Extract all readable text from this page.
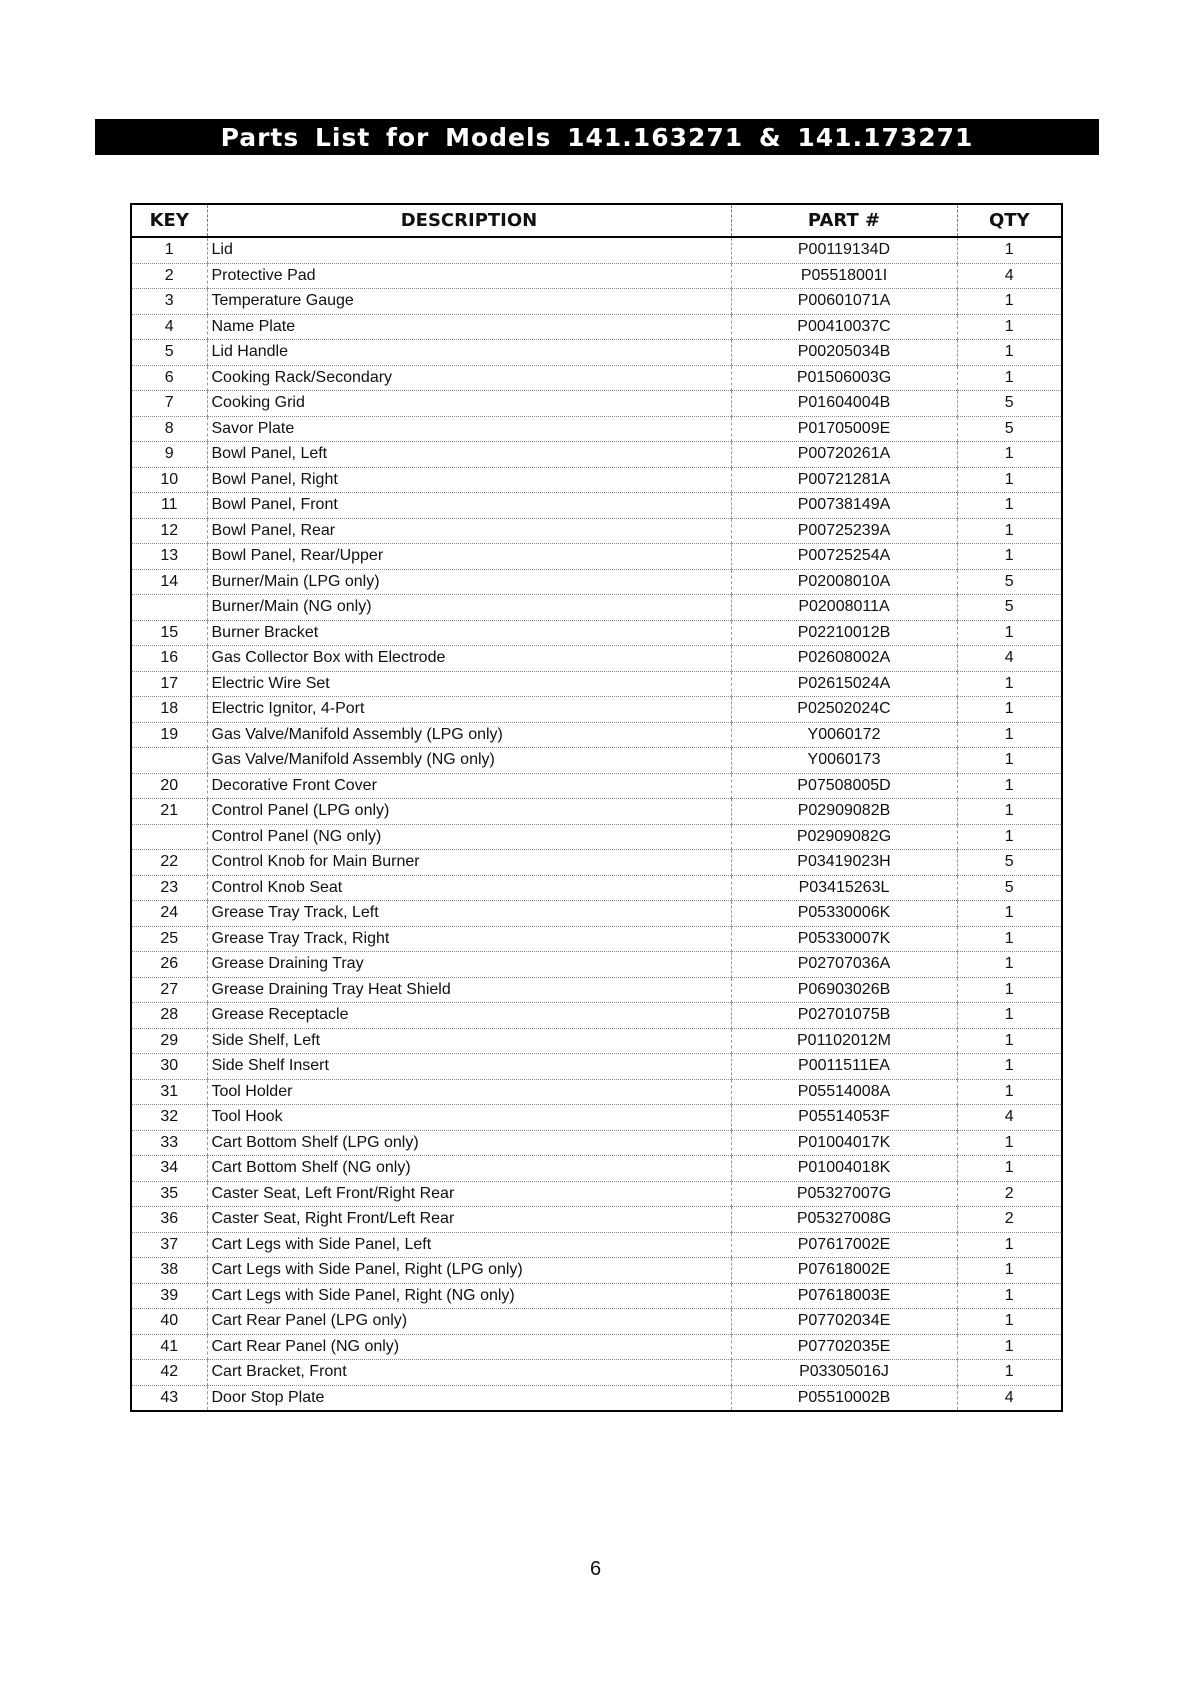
Parts List for Models 141.163271 & 141.173271
KEY	DESCRIPTION	PART #	QTY
1	Lid	P00119134D	1
2	Protective Pad	P05518001I	4
3	Temperature Gauge	P00601071A	1
4	Name Plate	P00410037C	1
5	Lid Handle	P00205034B	1
6	Cooking Rack/Secondary	P01506003G	1
7	Cooking Grid	P01604004B	5
8	Savor Plate	P01705009E	5
9	Bowl Panel, Left	P00720261A	1
10	Bowl Panel, Right	P00721281A	1
11	Bowl Panel, Front	P00738149A	1
12	Bowl Panel, Rear	P00725239A	1
13	Bowl Panel, Rear/Upper	P00725254A	1
14	Burner/Main (LPG only)	P02008010A	5
	Burner/Main (NG only)	P02008011A	5
15	Burner Bracket	P02210012B	1
16	Gas Collector Box with Electrode	P02608002A	4
17	Electric Wire Set	P02615024A	1
18	Electric Ignitor, 4-Port	P02502024C	1
19	Gas Valve/Manifold Assembly (LPG only)	Y0060172	1
	Gas Valve/Manifold Assembly (NG only)	Y0060173	1
20	Decorative Front Cover	P07508005D	1
21	Control Panel (LPG only)	P02909082B	1
	Control Panel (NG only)	P02909082G	1
22	Control Knob for Main Burner	P03419023H	5
23	Control Knob Seat	P03415263L	5
24	Grease Tray Track, Left	P05330006K	1
25	Grease Tray Track, Right	P05330007K	1
26	Grease Draining Tray	P02707036A	1
27	Grease Draining Tray Heat Shield	P06903026B	1
28	Grease Receptacle	P02701075B	1
29	Side Shelf, Left	P01102012M	1
30	Side Shelf Insert	P0011511EA	1
31	Tool Holder	P05514008A	1
32	Tool Hook	P05514053F	4
33	Cart Bottom Shelf (LPG only)	P01004017K	1
34	Cart Bottom Shelf (NG only)	P01004018K	1
35	Caster Seat, Left Front/Right Rear	P05327007G	2
36	Caster Seat, Right Front/Left Rear	P05327008G	2
37	Cart Legs with Side Panel, Left	P07617002E	1
38	Cart Legs with Side Panel, Right (LPG only)	P07618002E	1
39	Cart Legs with Side Panel, Right (NG only)	P07618003E	1
40	Cart Rear Panel (LPG only)	P07702034E	1
41	Cart Rear Panel (NG only)	P07702035E	1
42	Cart Bracket, Front	P03305016J	1
43	Door Stop Plate	P05510002B	4
6
